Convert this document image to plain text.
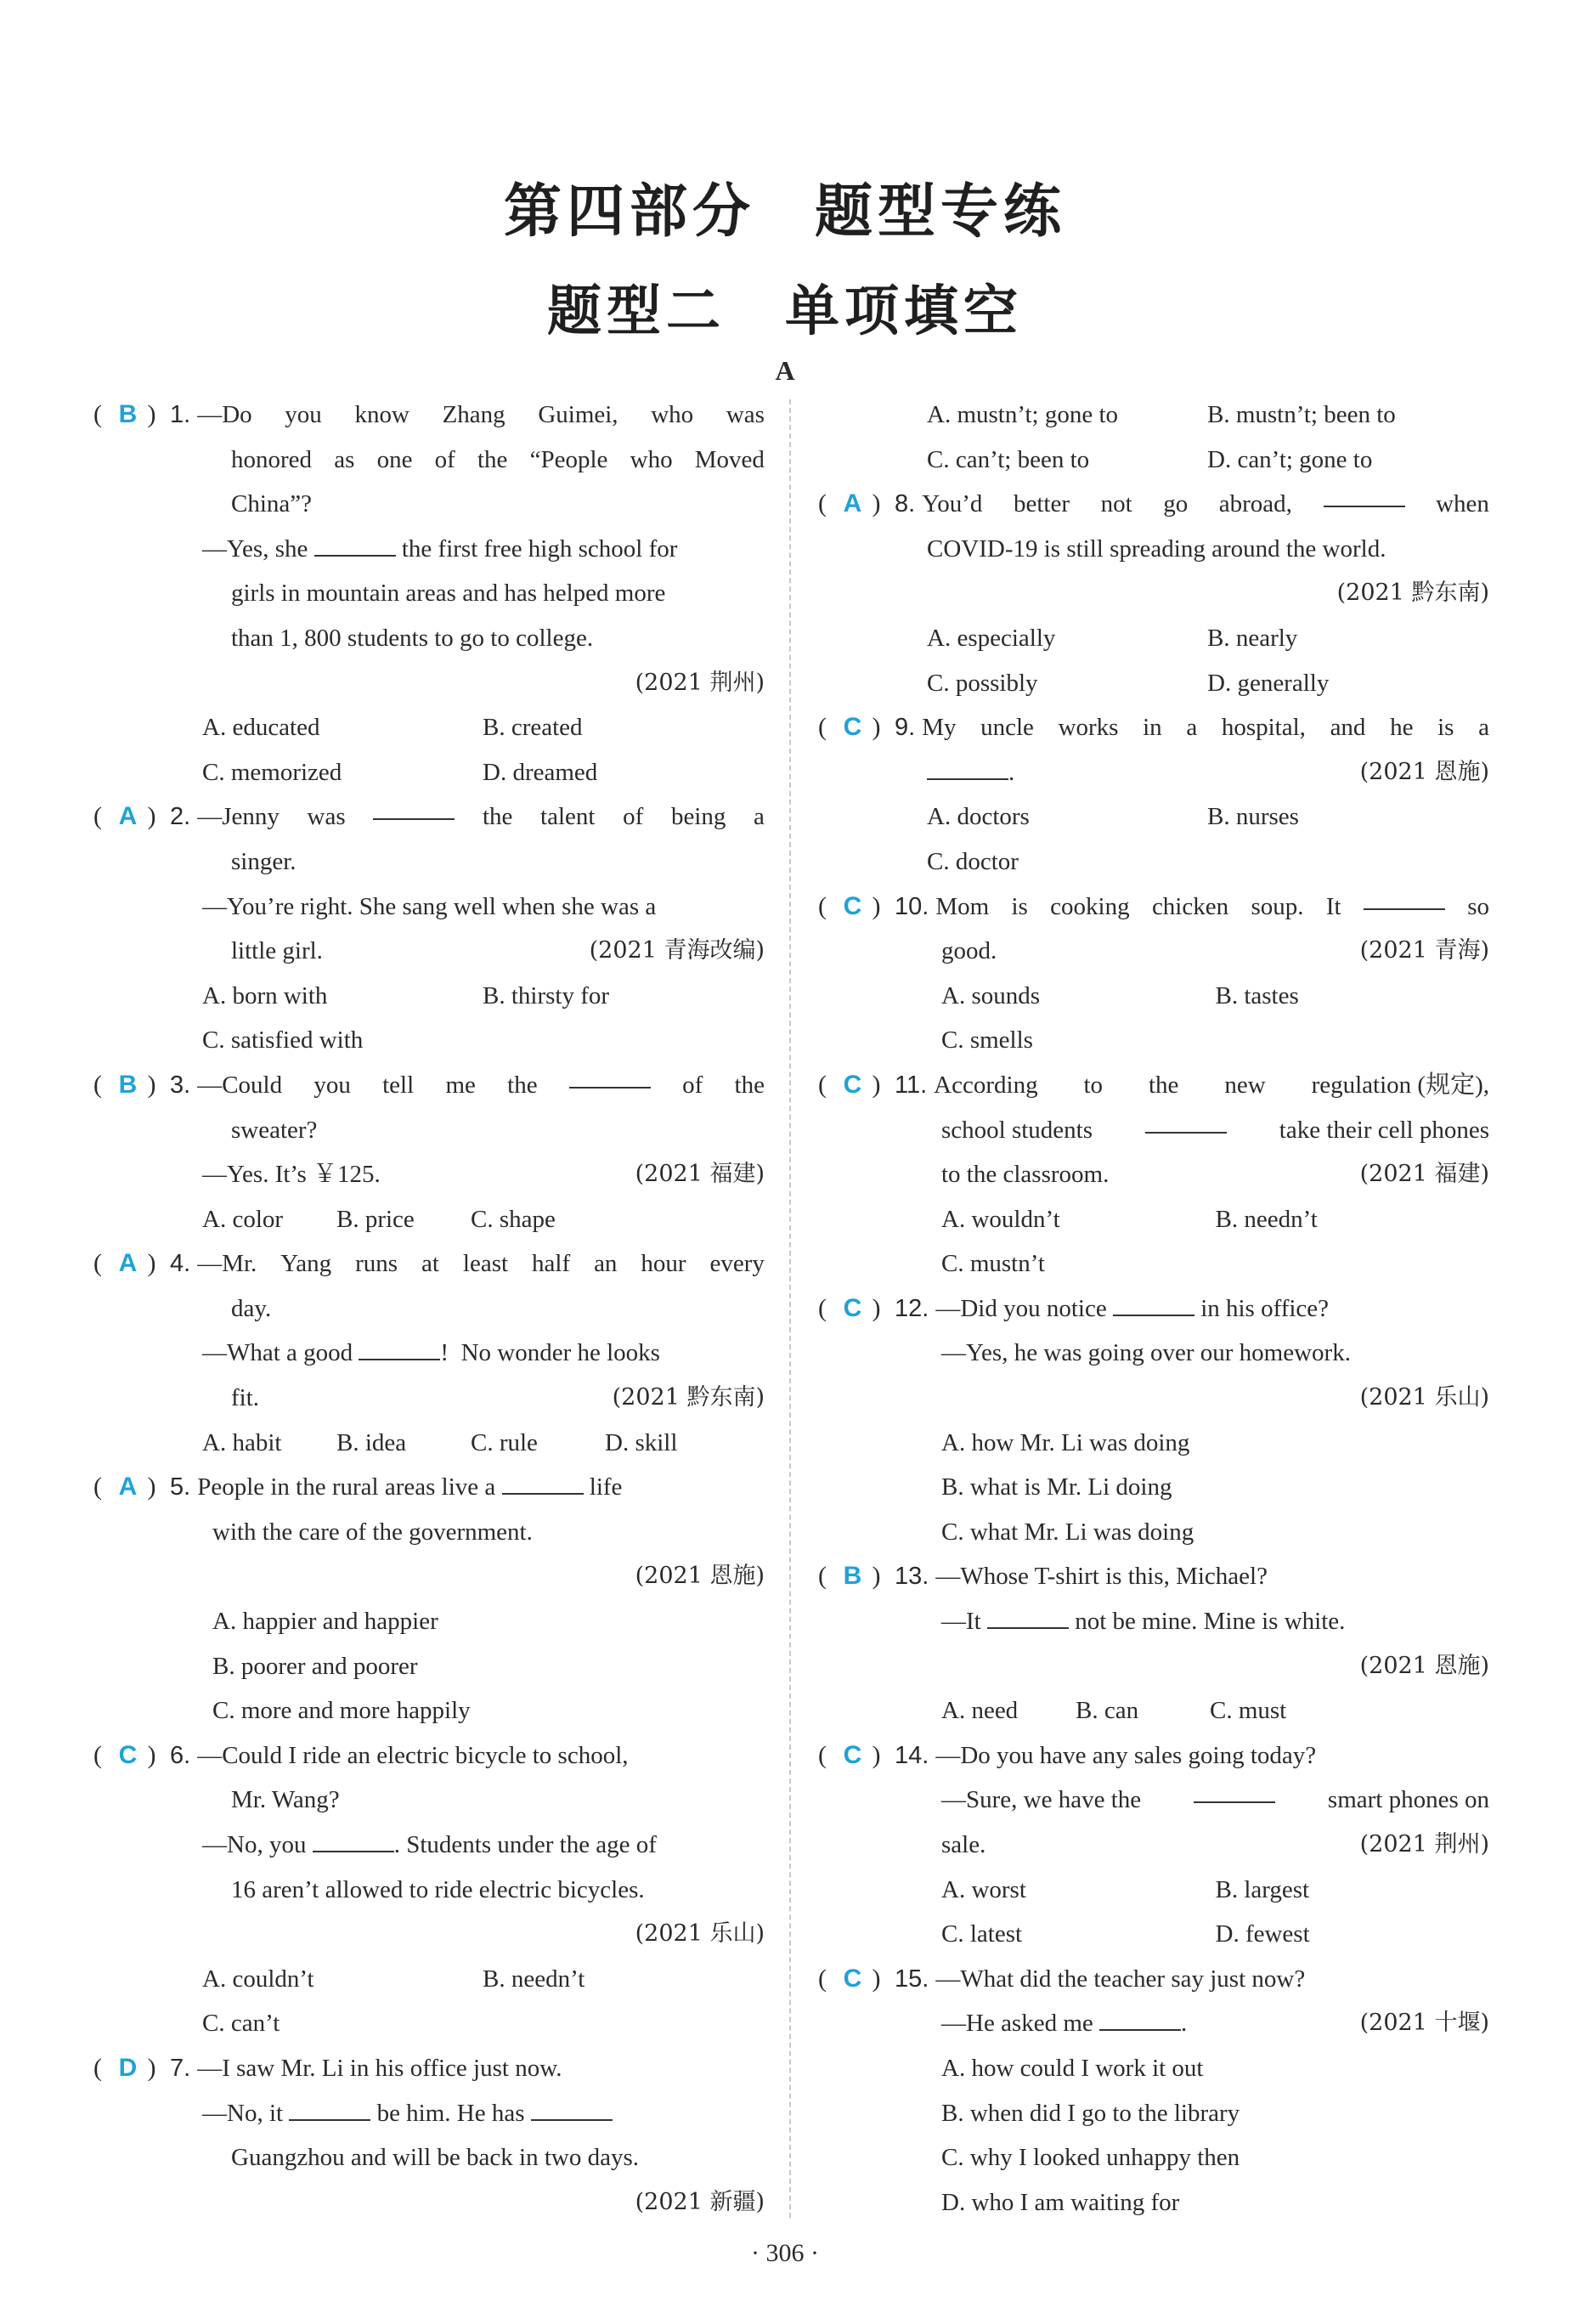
第四部分 题型专练
题型二 单项填空
A
( B ) 1. —Do you know Zhang Guimei, who was
honored as one of the “People who Moved
China”?
—Yes, she	the first free high school for
girls in mountain areas and has helped more
than 1, 800 students to go to college.
(2021 荆州)
A. educated	B. created
C. memorized	D. dreamed
( A ) 2. —Jenny was	the talent of being a
singer.
—You’re right. She sang well when she was a
little girl.	(2021 青海改编)
A. born with	B. thirsty for
C. satisfied with
( B ) 3. —Could you tell me the	of the
sweater?
—Yes. It’s ￥125.	(2021 福建)
A. color	B. price	C. shape
( A ) 4. —Mr. Yang runs at least half an hour every
day.
—What a good	!  No wonder he looks
fit.	(2021 黔东南)
A. habit	B. idea	C. rule	D. skill
( A ) 5. People in the rural areas live a	life
with the care of the government.
(2021 恩施)
A. happier and happier
B. poorer and poorer
C. more and more happily
( C ) 6. —Could I ride an electric bicycle to school,
Mr. Wang?
—No, you	. Students under the age of
16 aren’t allowed to ride electric bicycles.
(2021 乐山)
A. couldn’t	B. needn’t
C. can’t
( D ) 7. —I saw Mr. Li in his office just now.
—No, it	be him. He has
Guangzhou and will be back in two days.
(2021 新疆)
A. mustn’t; gone to	B. mustn’t; been to
C. can’t; been to	D. can’t; gone to
( A ) 8. You’d better not go abroad,	when
COVID-19 is still spreading around the world.
(2021 黔东南)
A. especially	B. nearly
C. possibly	D. generally
( C ) 9. My uncle works in a hospital, and he is a
.	(2021 恩施)
A. doctors	B. nurses
C. doctor
( C ) 10. Mom is cooking chicken soup. It	so
good.	(2021 青海)
A. sounds	B. tastes
C. smells
( C ) 11. According to the new regulation (规定),
school students	take their cell phones
to the classroom.	(2021 福建)
A. wouldn’t	B. needn’t
C. mustn’t
( C ) 12. —Did you notice	in his office?
—Yes, he was going over our homework.
(2021 乐山)
A. how Mr. Li was doing
B. what is Mr. Li doing
C. what Mr. Li was doing
( B ) 13. —Whose T-shirt is this, Michael?
—It	not be mine. Mine is white.
(2021 恩施)
A. need	B. can	C. must
( C ) 14. —Do you have any sales going today?
—Sure, we have the	smart phones on
sale.	(2021 荆州)
A. worst	B. largest
C. latest	D. fewest
( C ) 15. —What did the teacher say just now?
—He asked me	.	(2021 十堰)
A. how could I work it out
B. when did I go to the library
C. why I looked unhappy then
D. who I am waiting for
· 306 ·
